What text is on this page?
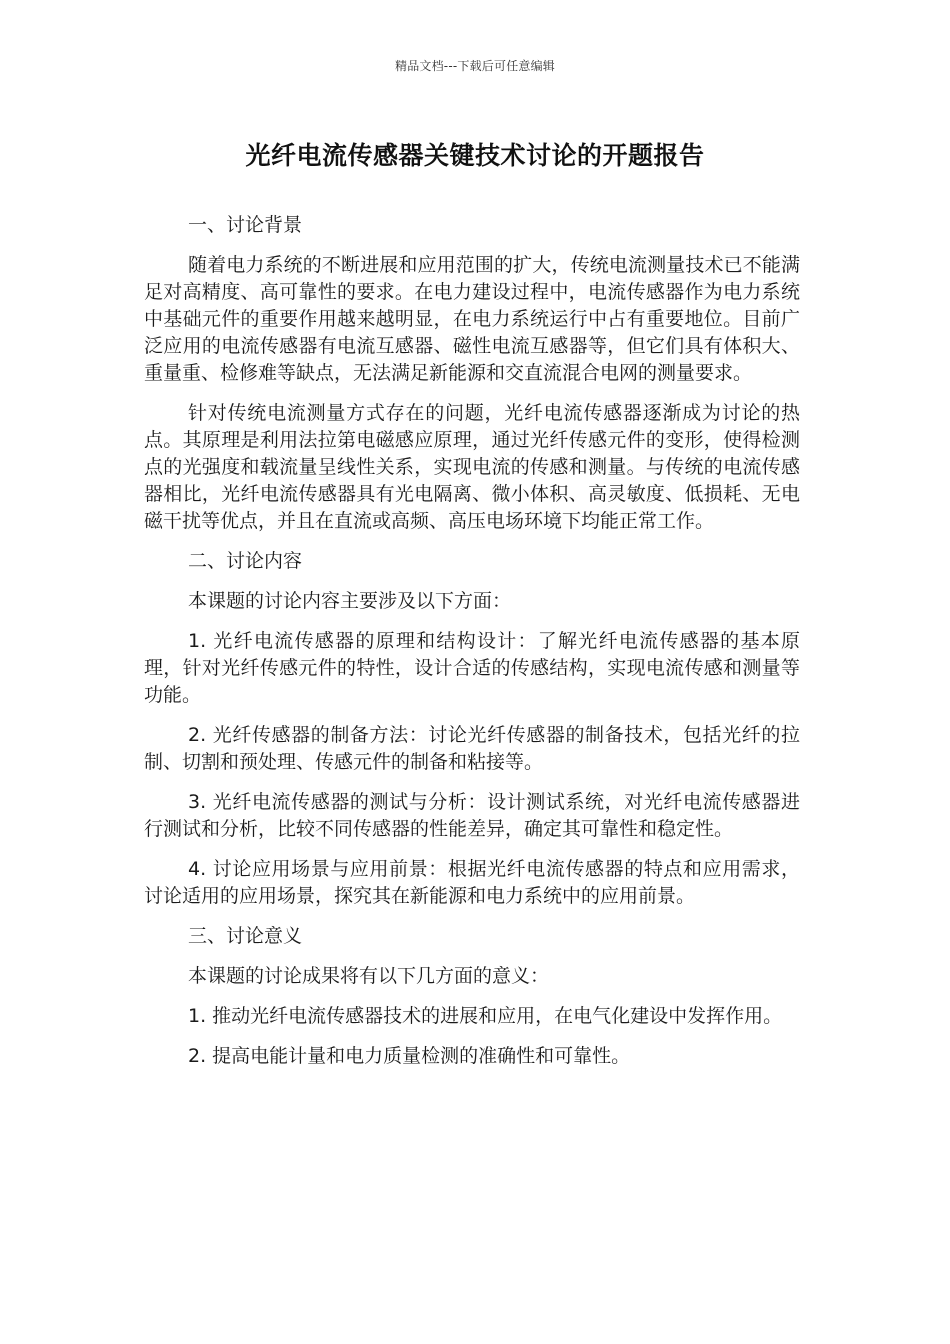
精品文档---下载后可任意编辑
光纤电流传感器关键技术讨论的开题报告

一、讨论背景

随着电力系统的不断进展和应用范围的扩大，传统电流测量技术已不能满足对高精度、高可靠性的要求。在电力建设过程中，电流传感器作为电力系统中基础元件的重要作用越来越明显，在电力系统运行中占有重要地位。目前广泛应用的电流传感器有电流互感器、磁性电流互感器等，但它们具有体积大、重量重、检修难等缺点，无法满足新能源和交直流混合电网的测量要求。

针对传统电流测量方式存在的问题，光纤电流传感器逐渐成为讨论的热点。其原理是利用法拉第电磁感应原理，通过光纤传感元件的变形，使得检测点的光强度和载流量呈线性关系，实现电流的传感和测量。与传统的电流传感器相比，光纤电流传感器具有光电隔离、微小体积、高灵敏度、低损耗、无电磁干扰等优点，并且在直流或高频、高压电场环境下均能正常工作。

二、讨论内容

本课题的讨论内容主要涉及以下方面：

1. 光纤电流传感器的原理和结构设计：了解光纤电流传感器的基本原理，针对光纤传感元件的特性，设计合适的传感结构，实现电流传感和测量等功能。

2. 光纤传感器的制备方法：讨论光纤传感器的制备技术，包括光纤的拉制、切割和预处理、传感元件的制备和粘接等。

3. 光纤电流传感器的测试与分析：设计测试系统，对光纤电流传感器进行测试和分析，比较不同传感器的性能差异，确定其可靠性和稳定性。

4. 讨论应用场景与应用前景：根据光纤电流传感器的特点和应用需求，讨论适用的应用场景，探究其在新能源和电力系统中的应用前景。

三、讨论意义

本课题的讨论成果将有以下几方面的意义：

1. 推动光纤电流传感器技术的进展和应用，在电气化建设中发挥作用。

2. 提高电能计量和电力质量检测的准确性和可靠性。
